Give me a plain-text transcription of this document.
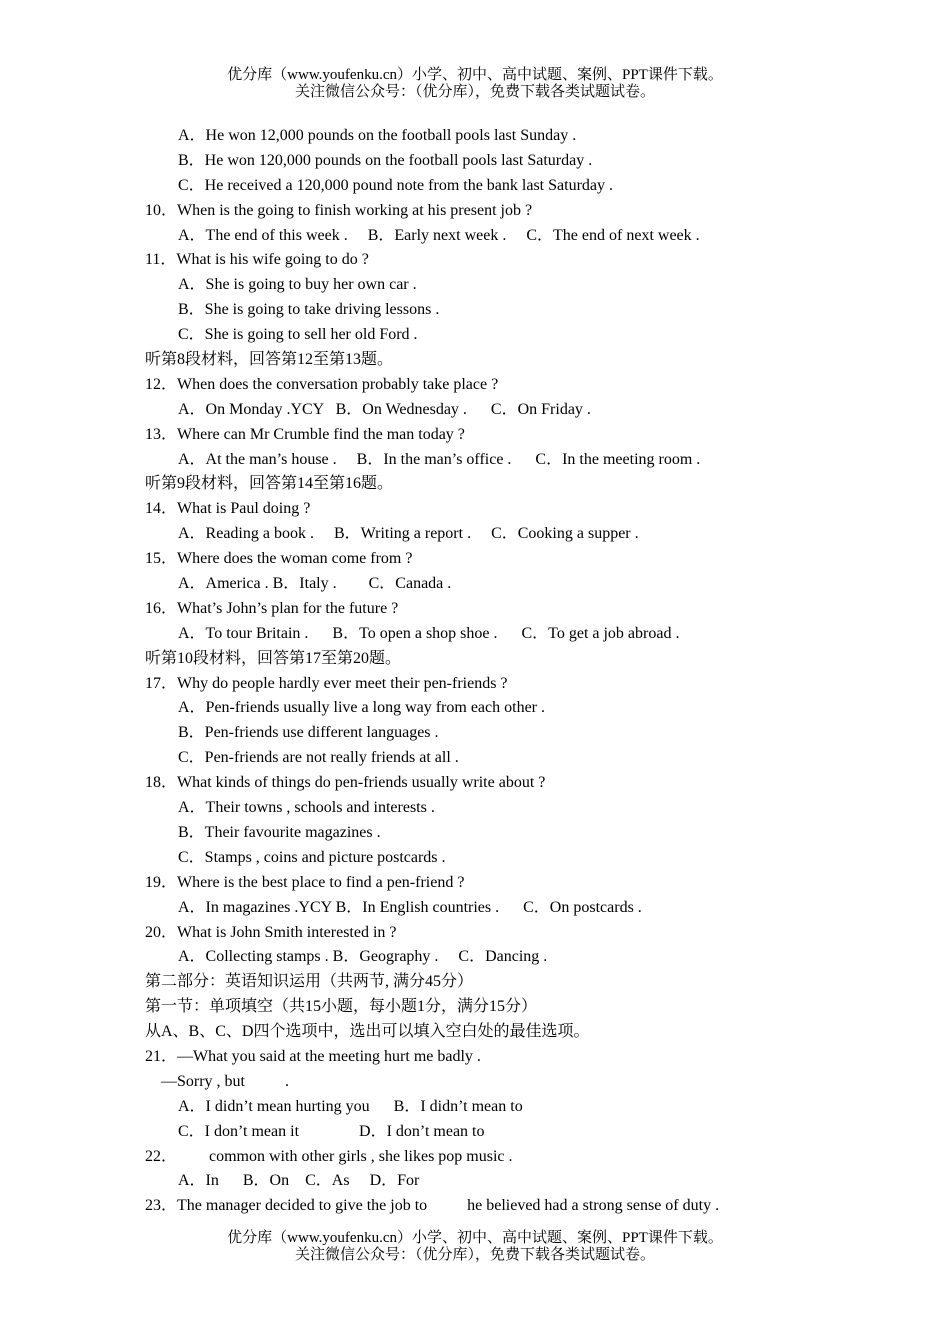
优分库（www.youfenku.cn）小学、初中、高中试题、案例、PPT课件下载。
关注微信公众号：（优分库），免费下载各类试题试卷。
A．He won 12,000 pounds on the football pools last Sunday .
B．He won 120,000 pounds on the football pools last Saturday .
C．He received a 120,000 pound note from the bank last Saturday .
10．When is the going to finish working at his present job ?
A．The end of this week .     B．Early next week .     C．The end of next week .
11．What is his wife going to do ?
A．She is going to buy her own car .
B．She is going to take driving lessons .
C．She is going to sell her old Ford .
听第8段材料，回答第12至第13题。
12．When does the conversation probably take place ?
A．On Monday .YCY   B．On Wednesday .      C．On Friday .
13．Where can Mr Crumble find the man today ?
A．At the man’s house .     B．In the man’s office .      C．In the meeting room .
听第9段材料，回答第14至第16题。
14．What is Paul doing ?
A．Reading a book .     B．Writing a report .     C．Cooking a supper .
15．Where does the woman come from ?
A．America . B．Italy .        C．Canada .
16．What’s John’s plan for the future ?
A．To tour Britain .      B．To open a shop shoe .      C．To get a job abroad .
听第10段材料，回答第17至第20题。
17．Why do people hardly ever meet their pen-friends ?
A．Pen-friends usually live a long way from each other .
B．Pen-friends use different languages .
C．Pen-friends are not really friends at all .
18．What kinds of things do pen-friends usually write about ?
A．Their towns , schools and interests .
B．Their favourite magazines .
C．Stamps , coins and picture postcards .
19．Where is the best place to find a pen-friend ?
A．In magazines .YCY B．In English countries .      C．On postcards .
20．What is John Smith interested in ?
A．Collecting stamps . B．Geography .     C．Dancing .
第二部分：英语知识运用（共两节, 满分45分）
第一节：单项填空（共15小题，每小题1分，满分15分）
从A、B、C、D四个选项中，选出可以填入空白处的最佳选项。
21．—What you said at the meeting hurt me badly .
—Sorry , but          .
A．I didn’t mean hurting you      B．I didn’t mean to
C．I don’t mean it               D．I don’t mean to
22．        common with other girls , she likes pop music .
A．In      B．On    C．As     D．For
23．The manager decided to give the job to          he believed had a strong sense of duty .
优分库（www.youfenku.cn）小学、初中、高中试题、案例、PPT课件下载。
关注微信公众号：（优分库），免费下载各类试题试卷。
